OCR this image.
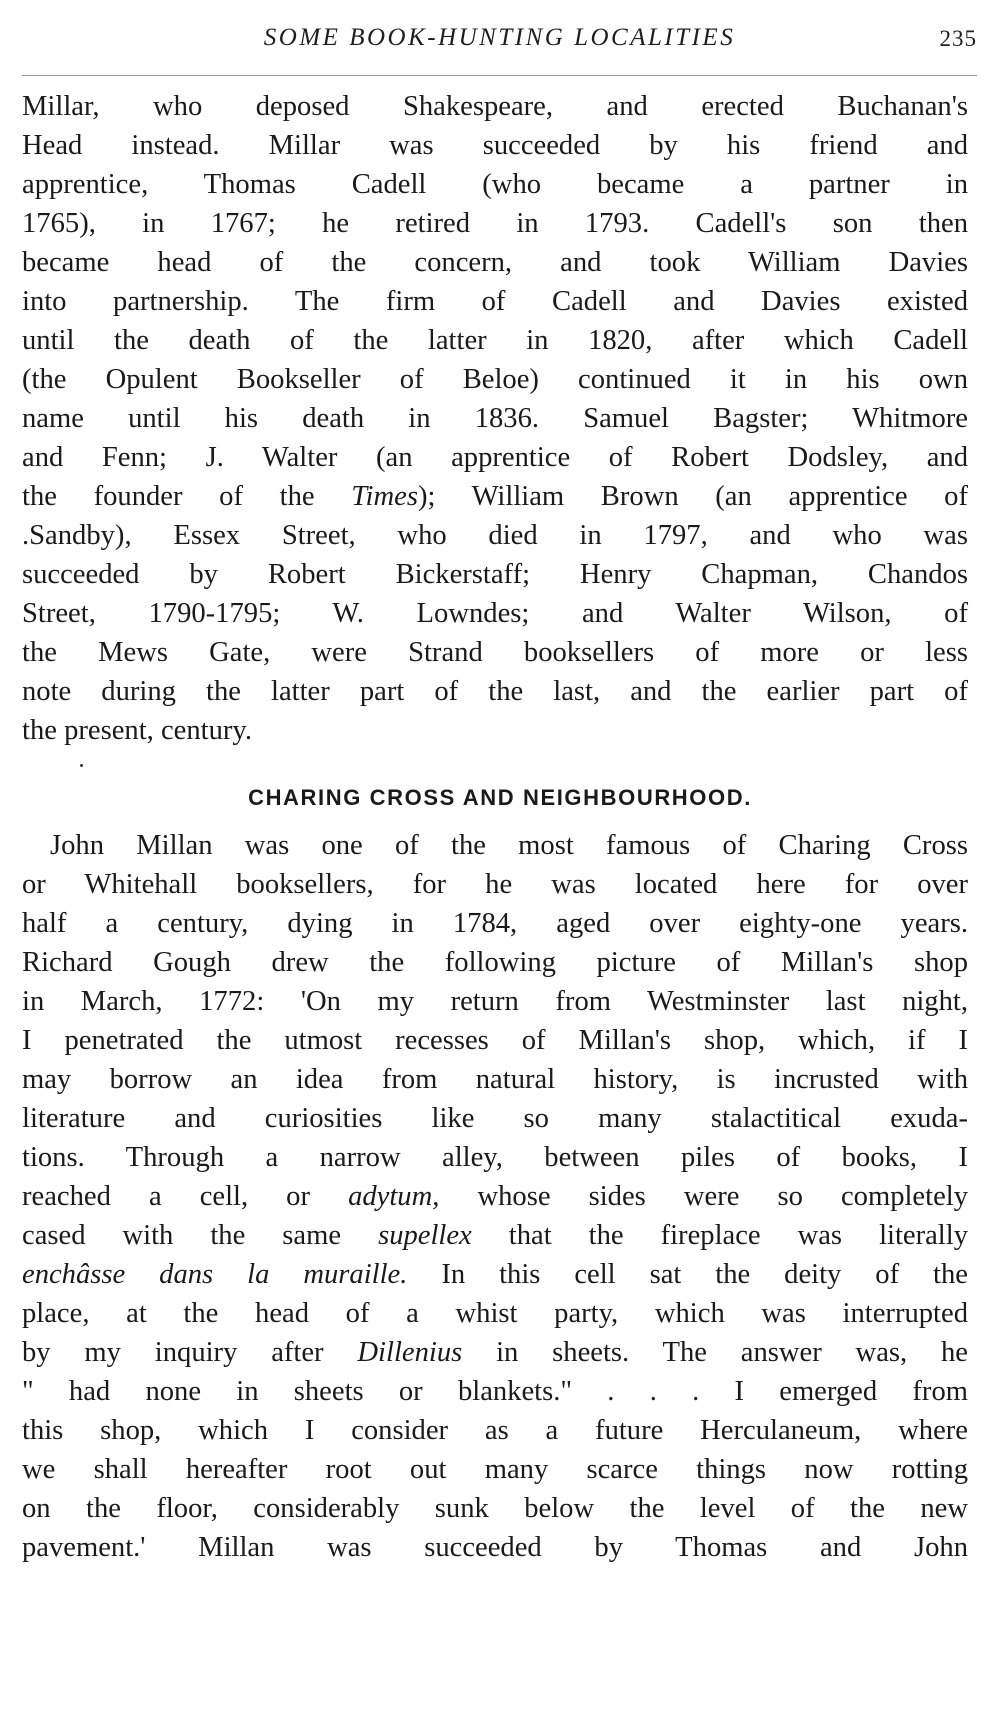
SOME BOOK-HUNTING LOCALITIES	235
Millar, who deposed Shakespeare, and erected Buchanan's
Head instead. Millar was succeeded by his friend and
apprentice, Thomas Cadell (who became a partner in
1765), in 1767; he retired in 1793. Cadell's son then
became head of the concern, and took William Davies
into partnership. The firm of Cadell and Davies existed
until the death of the latter in 1820, after which Cadell
(the Opulent Bookseller of Beloe) continued it in his own
name until his death in 1836. Samuel Bagster; Whitmore
and Fenn; J. Walter (an apprentice of Robert Dodsley, and
the founder of the Times); William Brown (an apprentice of
.Sandby), Essex Street, who died in 1797, and who was
succeeded by Robert Bickerstaff; Henry Chapman, Chandos
Street, 1790-1795; W. Lowndes; and Walter Wilson, of
the Mews Gate, were Strand booksellers of more or less
note during the latter part of the last, and the earlier part of
the present, century.
CHARING CROSS AND NEIGHBOURHOOD.
John Millan was one of the most famous of Charing Cross
or Whitehall booksellers, for he was located here for over
half a century, dying in 1784, aged over eighty-one years.
Richard Gough drew the following picture of Millan's shop
in March, 1772: 'On my return from Westminster last night,
I penetrated the utmost recesses of Millan's shop, which, if I
may borrow an idea from natural history, is incrusted with
literature and curiosities like so many stalactitical exuda-
tions. Through a narrow alley, between piles of books, I
reached a cell, or adytum, whose sides were so completely
cased with the same supellex that the fireplace was literally
enchâsse dans la muraille. In this cell sat the deity of the
place, at the head of a whist party, which was interrupted
by my inquiry after Dillenius in sheets. The answer was, he
" had none in sheets or blankets." . . . I emerged from
this shop, which I consider as a future Herculaneum, where
we shall hereafter root out many scarce things now rotting
on the floor, considerably sunk below the level of the new
pavement.' Millan was succeeded by Thomas and John
